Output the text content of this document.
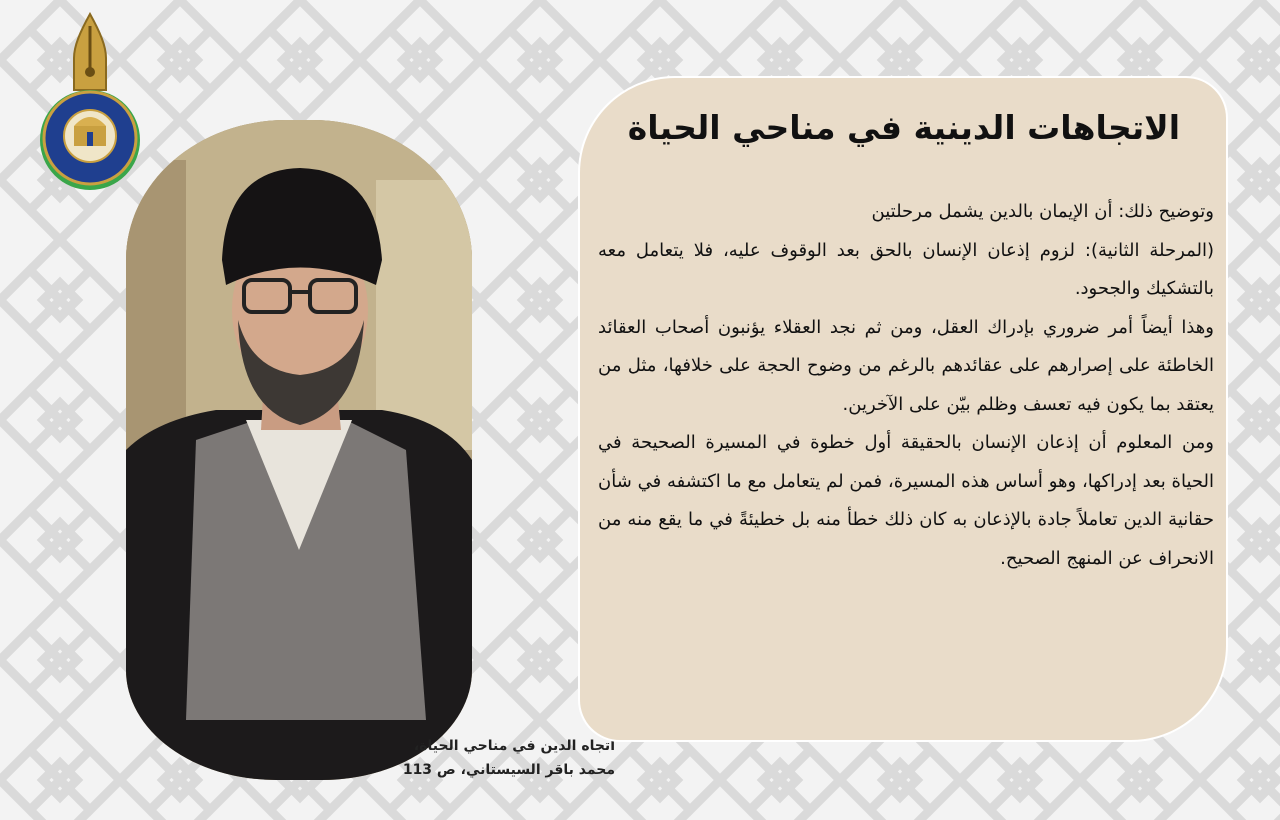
اتجاه الدين في مناحي الحياة،
محمد باقر السيستاني، ص 113
الاتجاهات الدينية في مناحي الحياة

وتوضيح ذلك: أن الإيمان بالدين يشمل مرحلتين

(المرحلة الثانية): لزوم إذعان الإنسان بالحق بعد الوقوف عليه، فلا يتعامل معه بالتشكيك والجحود.

وهذا أيضاً أمر ضروري بإدراك العقل، ومن ثم نجد العقلاء يؤنبون أصحاب العقائد الخاطئة على إصرارهم على عقائدهم بالرغم من وضوح الحجة على خلافها، مثل من يعتقد بما يكون فيه تعسف وظلم بيّن على الآخرين.

ومن المعلوم أن إذعان الإنسان بالحقيقة أول خطوة في المسيرة الصحيحة في الحياة بعد إدراكها، وهو أساس هذه المسيرة، فمن لم يتعامل مع ما اكتشفه في شأن حقانية الدين تعاملاً جادة بالإذعان به كان ذلك خطأ منه بل خطيئةً في ما يقع منه من الانحراف عن المنهج الصحيح.
